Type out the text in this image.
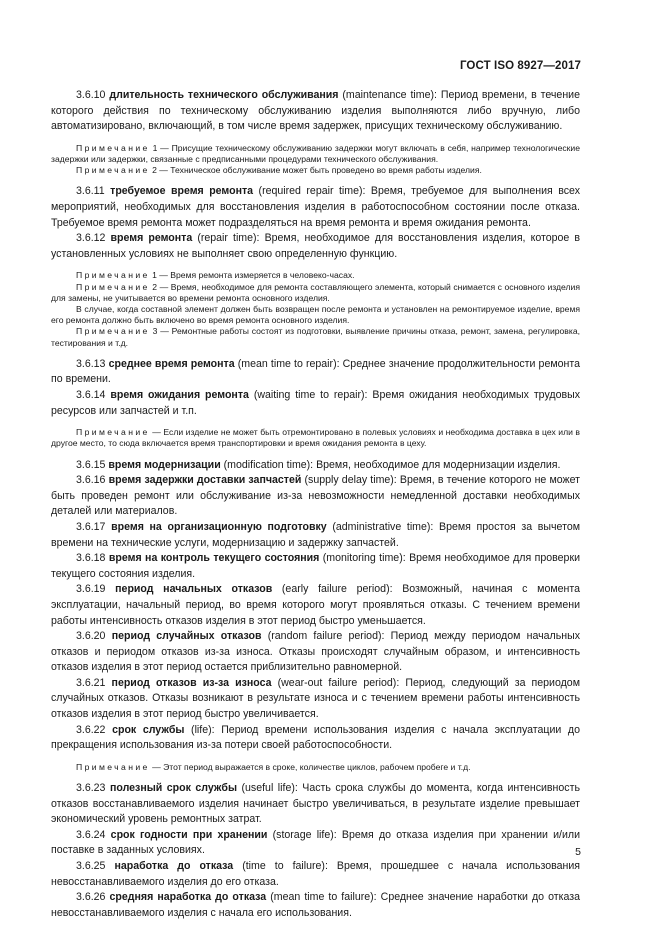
ГОСТ ISO 8927—2017

3.6.10 длительность технического обслуживания (maintenance time): Период времени, в течение которого действия по техническому обслуживанию изделия выполняются либо вручную, либо автоматизировано, включающий, в том числе время задержек, присущих техническому обслуживанию.

Примечание 1 — Присущие техническому обслуживанию задержки могут включать в себя, например технологические задержки или задержки, связанные с предписанными процедурами технического обслуживания.

Примечание 2 — Техническое обслуживание может быть проведено во время работы изделия.

3.6.11 требуемое время ремонта (required repair time): Время, требуемое для выполнения всех мероприятий, необходимых для восстановления изделия в работоспособном состоянии после отказа. Требуемое время ремонта может подразделяться на время ремонта и время ожидания ремонта.

3.6.12 время ремонта (repair time): Время, необходимое для восстановления изделия, которое в установленных условиях не выполняет свою определенную функцию.

Примечание 1 — Время ремонта измеряется в человеко-часах.

Примечание 2 — Время, необходимое для ремонта составляющего элемента, который снимается с основного изделия для замены, не учитывается во времени ремонта основного изделия.

В случае, когда составной элемент должен быть возвращен после ремонта и установлен на ремонтируемое изделие, время его ремонта должно быть включено во время ремонта основного изделия.

Примечание 3 — Ремонтные работы состоят из подготовки, выявление причины отказа, ремонт, замена, регулировка, тестирования и т.д.

3.6.13 среднее время ремонта (mean time to repair): Среднее значение продолжительности ремонта по времени.

3.6.14 время ожидания ремонта (waiting time to repair): Время ожидания необходимых трудовых ресурсов или запчастей и т.п.

Примечание — Если изделие не может быть отремонтировано в полевых условиях и необходима доставка в цех или в другое место, то сюда включается время транспортировки и время ожидания ремонта в цеху.

3.6.15 время модернизации (modification time): Время, необходимое для модернизации изделия.

3.6.16 время задержки доставки запчастей (supply delay time): Время, в течение которого не может быть проведен ремонт или обслуживание из-за невозможности немедленной доставки необходимых деталей или материалов.

3.6.17 время на организационную подготовку (administrative time): Время простоя за вычетом времени на технические услуги, модернизацию и задержку запчастей.

3.6.18 время на контроль текущего состояния (monitoring time): Время необходимое для проверки текущего состояния изделия.

3.6.19 период начальных отказов (early failure period): Возможный, начиная с момента эксплуатации, начальный период, во время которого могут проявляться отказы. С течением времени работы интенсивность отказов изделия в этот период быстро уменьшается.

3.6.20 период случайных отказов (random failure period): Период между периодом начальных отказов и периодом отказов из-за износа. Отказы происходят случайным образом, и интенсивность отказов изделия в этот период остается приблизительно равномерной.

3.6.21 период отказов из-за износа (wear-out failure period): Период, следующий за периодом случайных отказов. Отказы возникают в результате износа и с течением времени работы интенсивность отказов изделия в этот период быстро увеличивается.

3.6.22 срок службы (life): Период времени использования изделия с начала эксплуатации до прекращения использования из-за потери своей работоспособности.

Примечание — Этот период выражается в сроке, количестве циклов, рабочем пробеге и т.д.

3.6.23 полезный срок службы (useful life): Часть срока службы до момента, когда интенсивность отказов восстанавливаемого изделия начинает быстро увеличиваться, в результате изделие превышает экономический уровень ремонтных затрат.

3.6.24 срок годности при хранении (storage life): Время до отказа изделия при хранении и/или поставке в заданных условиях.

3.6.25 наработка до отказа (time to failure): Время, прошедшее с начала использования невосстанавливаемого изделия до его отказа.

3.6.26 средняя наработка до отказа (mean time to failure): Среднее значение наработки до отказа невосстанавливаемого изделия с начала его использования.

5
